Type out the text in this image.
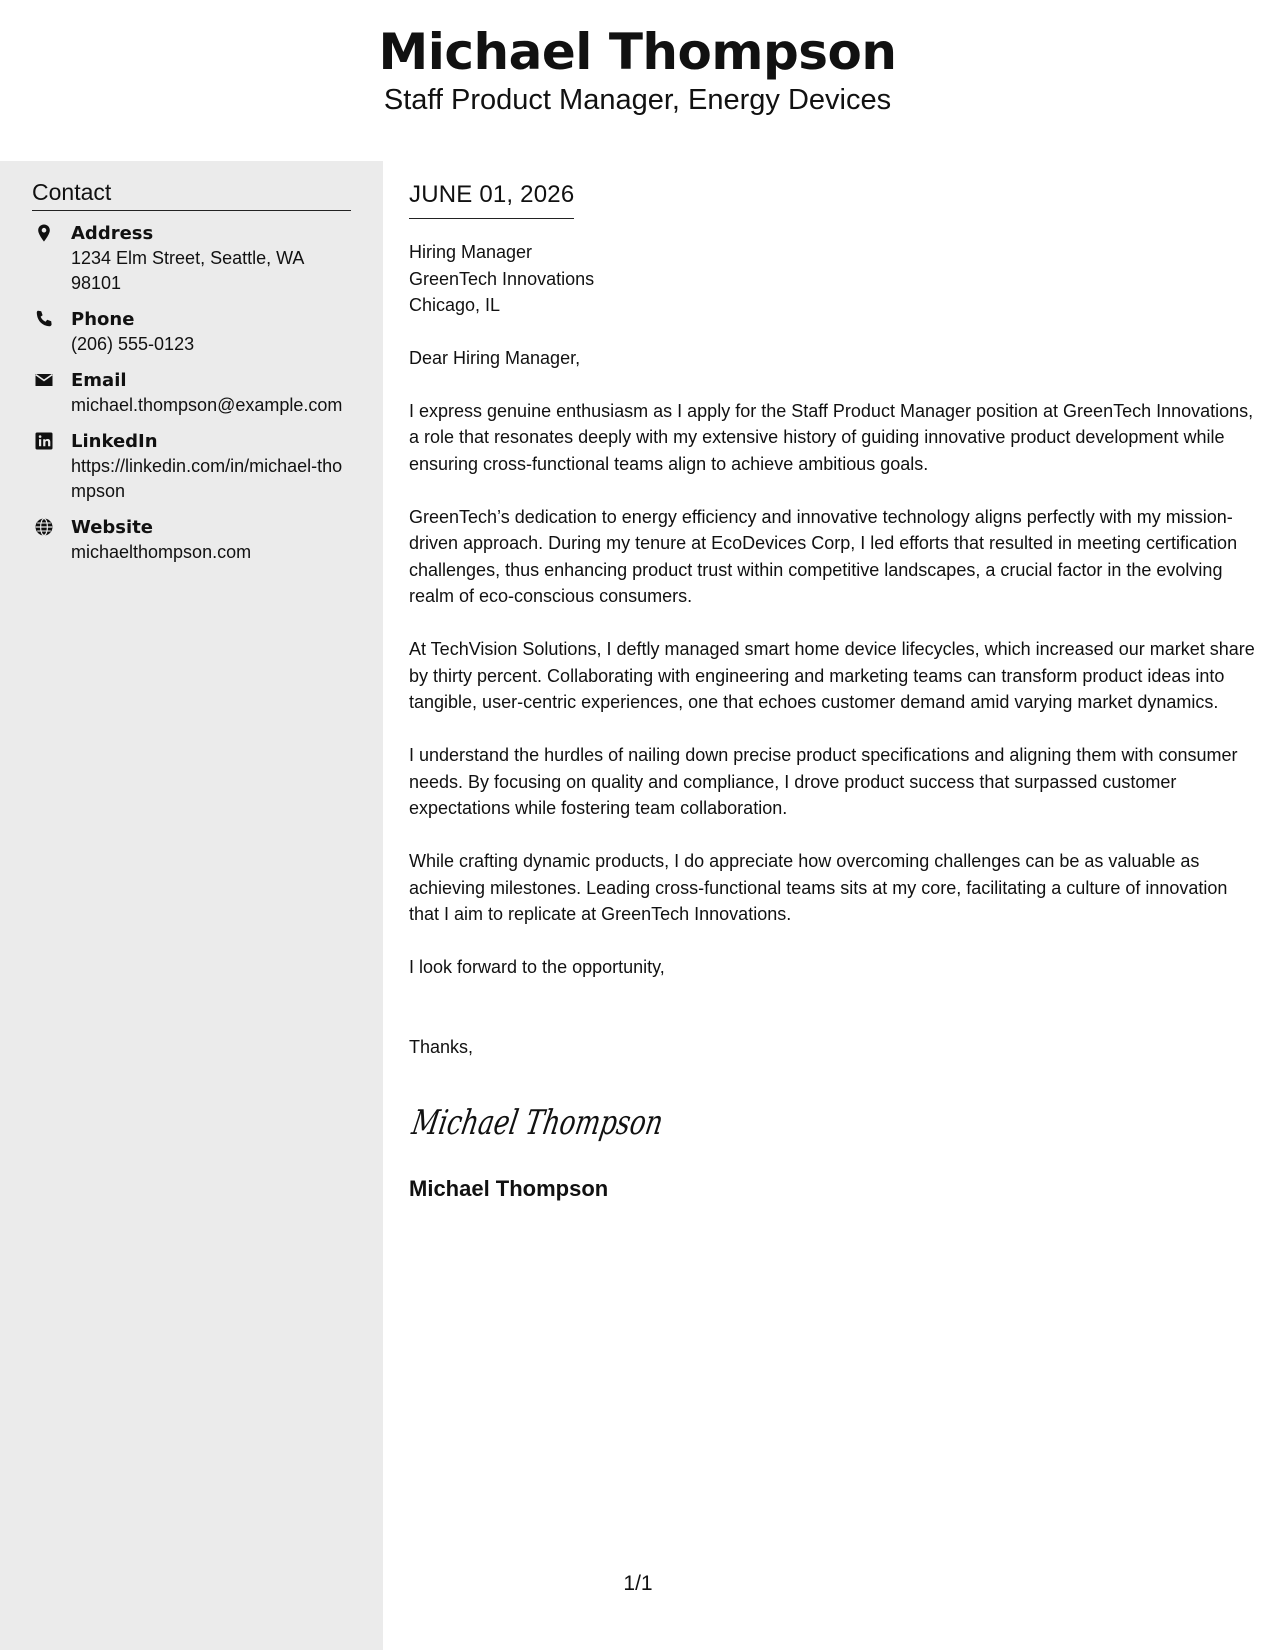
Michael Thompson
Staff Product Manager, Energy Devices
Contact
Address
1234 Elm Street, Seattle, WA 98101
Phone
(206) 555-0123
Email
michael.thompson@example.com
LinkedIn
https://linkedin.com/in/michael-thompson
Website
michaelthompson.com
JUNE 01, 2026
Hiring Manager
GreenTech Innovations
Chicago, IL

Dear Hiring Manager,

I express genuine enthusiasm as I apply for the Staff Product Manager position at GreenTech Innovations, a role that resonates deeply with my extensive history of guiding innovative product development while ensuring cross-functional teams align to achieve ambitious goals.

GreenTech’s dedication to energy efficiency and innovative technology aligns perfectly with my mission-driven approach. During my tenure at EcoDevices Corp, I led efforts that resulted in meeting certification challenges, thus enhancing product trust within competitive landscapes, a crucial factor in the evolving realm of eco-conscious consumers.

At TechVision Solutions, I deftly managed smart home device lifecycles, which increased our market share by thirty percent. Collaborating with engineering and marketing teams can transform product ideas into tangible, user-centric experiences, one that echoes customer demand amid varying market dynamics.

I understand the hurdles of nailing down precise product specifications and aligning them with consumer needs. By focusing on quality and compliance, I drove product success that surpassed customer expectations while fostering team collaboration.

While crafting dynamic products, I do appreciate how overcoming challenges can be as valuable as achieving milestones. Leading cross-functional teams sits at my core, facilitating a culture of innovation that I aim to replicate at GreenTech Innovations.

I look forward to the opportunity,

Thanks,

Michael Thompson
Michael Thompson
1/1
